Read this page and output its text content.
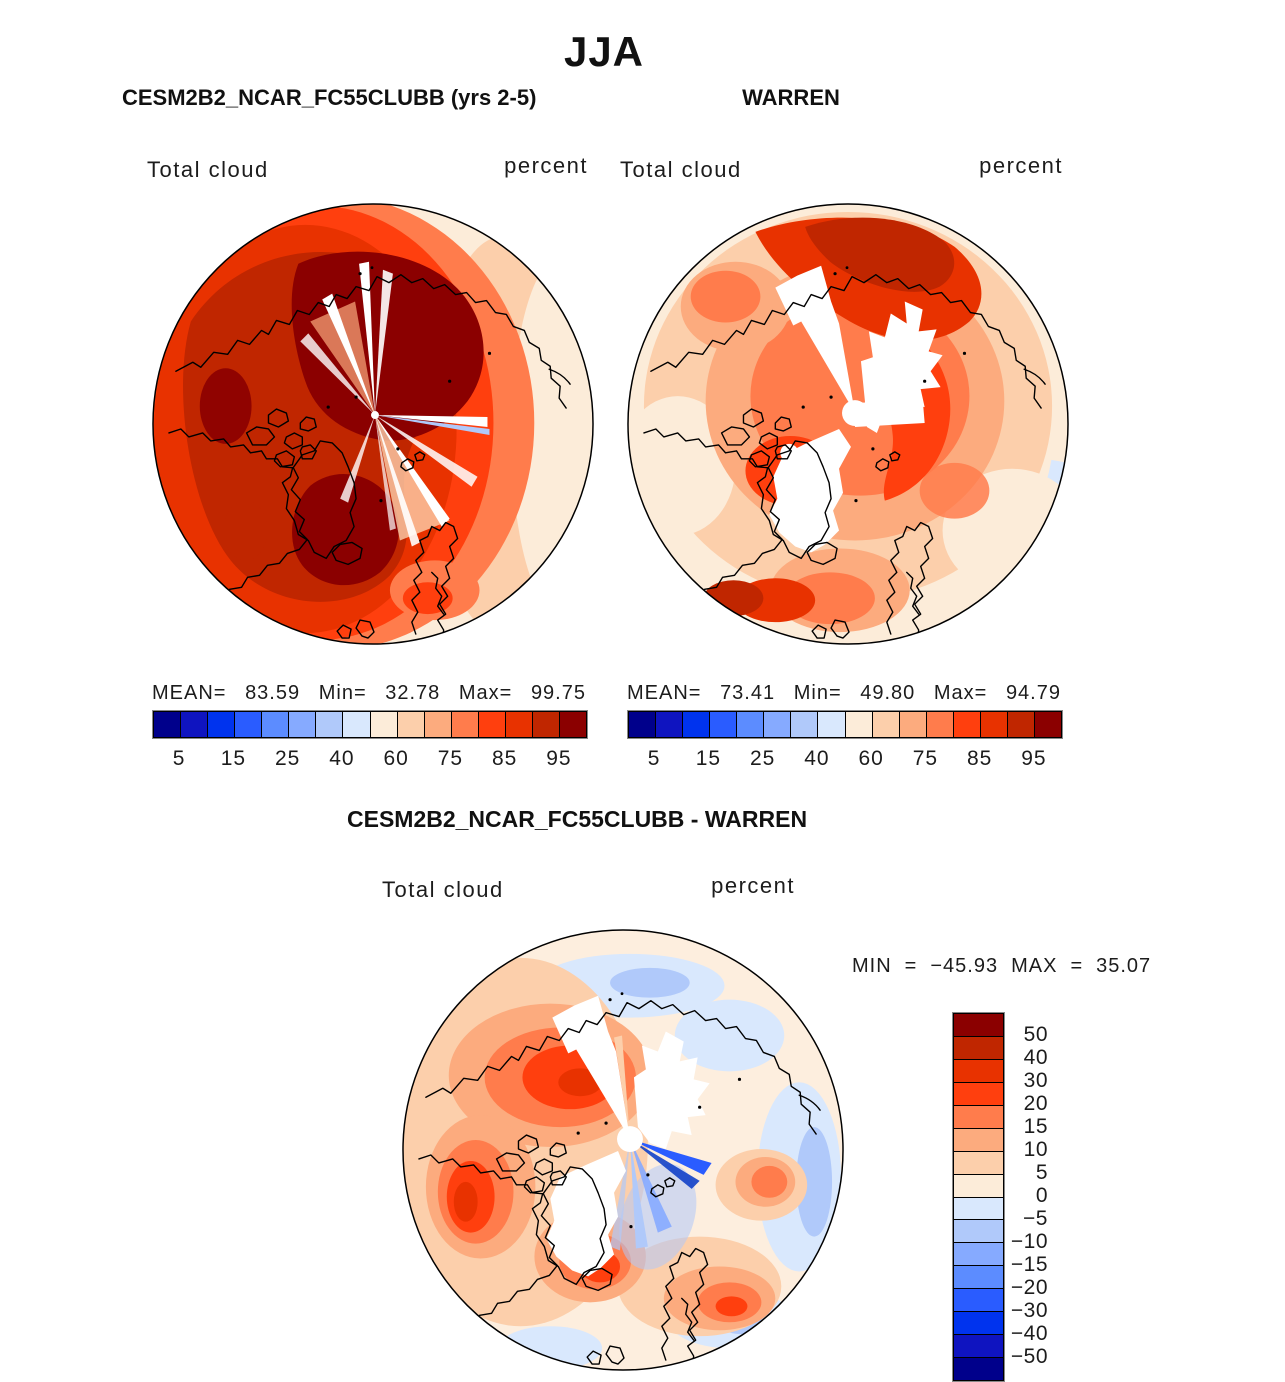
JJA
CESM2B2_NCAR_FC55CLUBB (yrs 2-5)	WARREN
Total cloud	percent Total cloud	percent
MEAN= 83.59 Min= 32.78 Max= 99.75 MEAN= 73.41 Min= 49.80 Max= 94.79
5 15 25 40 60 75 85 95	5 15 25 40 60 75 85 95
CESM2B2_NCAR_FC55CLUBB - WARREN
Total cloud	percent
MIN = −45.93 MAX = 35.07
50
40
30
20
15
10
5
0
−5
−10
−15
−20
−30
−40
−50
